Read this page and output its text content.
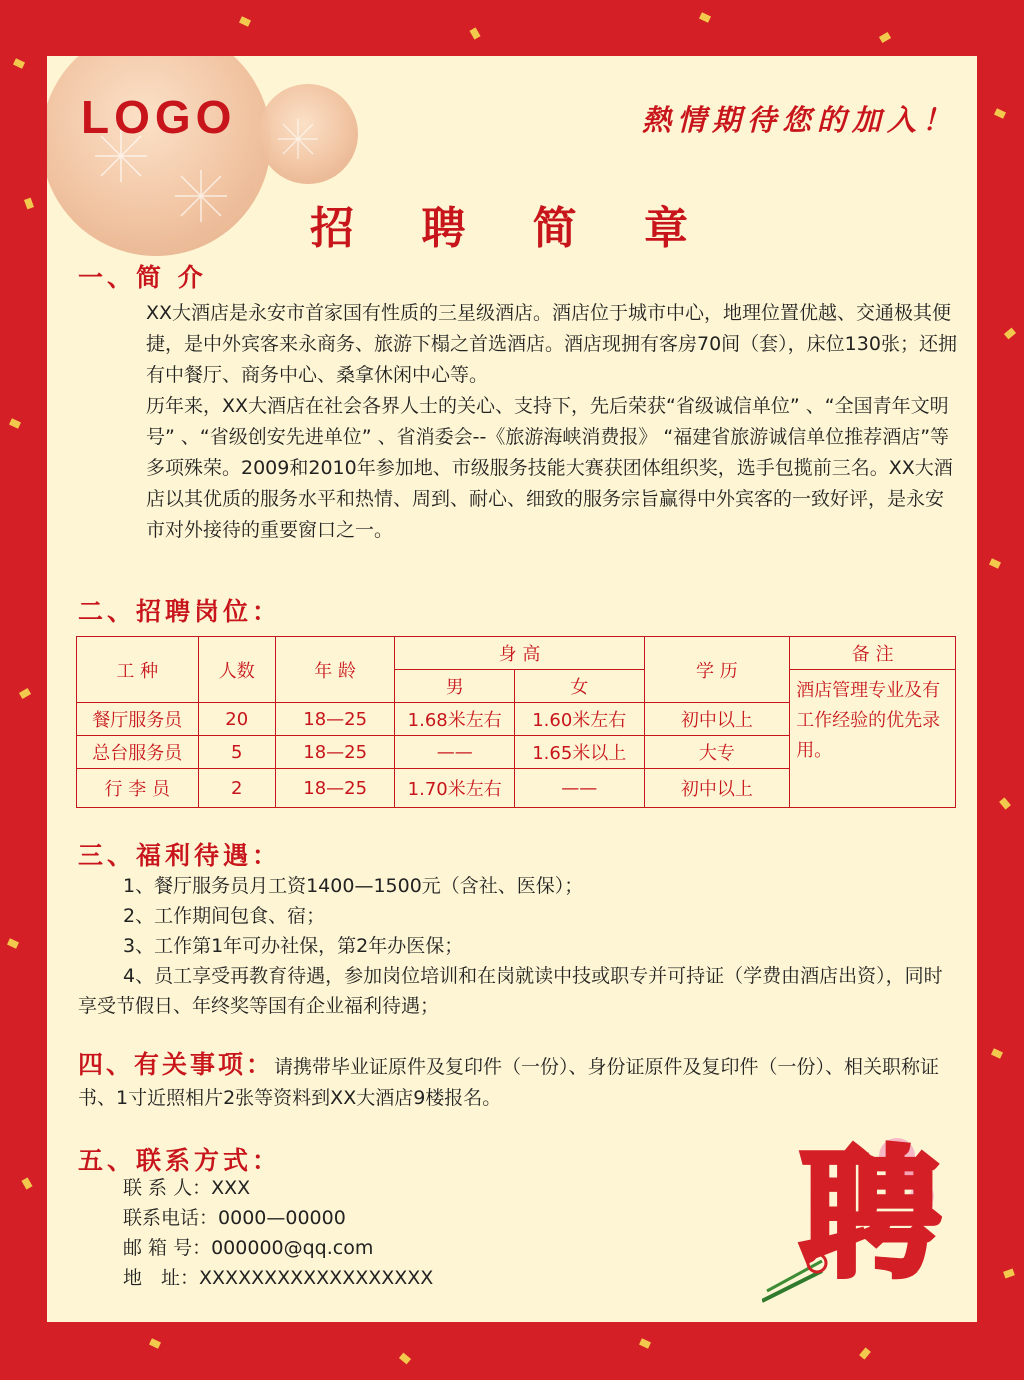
LOGO	熱情期待您的加入！
招 聘 简 章
一、简 介
XX大酒店是永安市首家国有性质的三星级酒店。酒店位于城市中心，地理位置优越、交通极其便捷，是中外宾客来永商务、旅游下榻之首选酒店。酒店现拥有客房70间（套），床位130张；还拥有中餐厅、商务中心、桑拿休闲中心等。
历年来，XX大酒店在社会各界人士的关心、支持下，先后荣获“省级诚信单位” 、“全国青年文明号” 、“省级创安先进单位” 、省消委会--《旅游海峡消费报》 “福建省旅游诚信单位推荐酒店”等多项殊荣。2009和2010年参加地、市级服务技能大赛获团体组织奖，选手包揽前三名。XX大酒店以其优质的服务水平和热情、周到、耐心、细致的服务宗旨赢得中外宾客的一致好评，是永安市对外接待的重要窗口之一。
二、招聘岗位：
工 种	人数	年 龄	身 高		学 历	备 注
			男	女		酒店管理专业及有工作经验的优先录用。
餐厅服务员	20	18—25	1.68米左右	1.60米左右	初中以上	
总台服务员	5	18—25	——	1.65米以上	大专	
行 李 员	2	18—25	1.70米左右	——	初中以上	
三、福利待遇：
1、餐厅服务员月工资1400—1500元（含社、医保）；
2、工作期间包食、宿；
3、工作第1年可办社保，第2年办医保；
4、员工享受再教育待遇，参加岗位培训和在岗就读中技或职专并可持证（学费由酒店出资），同时享受节假日、年终奖等国有企业福利待遇；
四、有关事项：请携带毕业证原件及复印件（一份）、身份证原件及复印件（一份）、相关职称证书、1寸近照相片2张等资料到XX大酒店9楼报名。
五、联系方式：
联 系 人：XXX
联系电话：0000—00000
邮 箱 号：000000@qq.com
地　址：XXXXXXXXXXXXXXXXXX	聘
